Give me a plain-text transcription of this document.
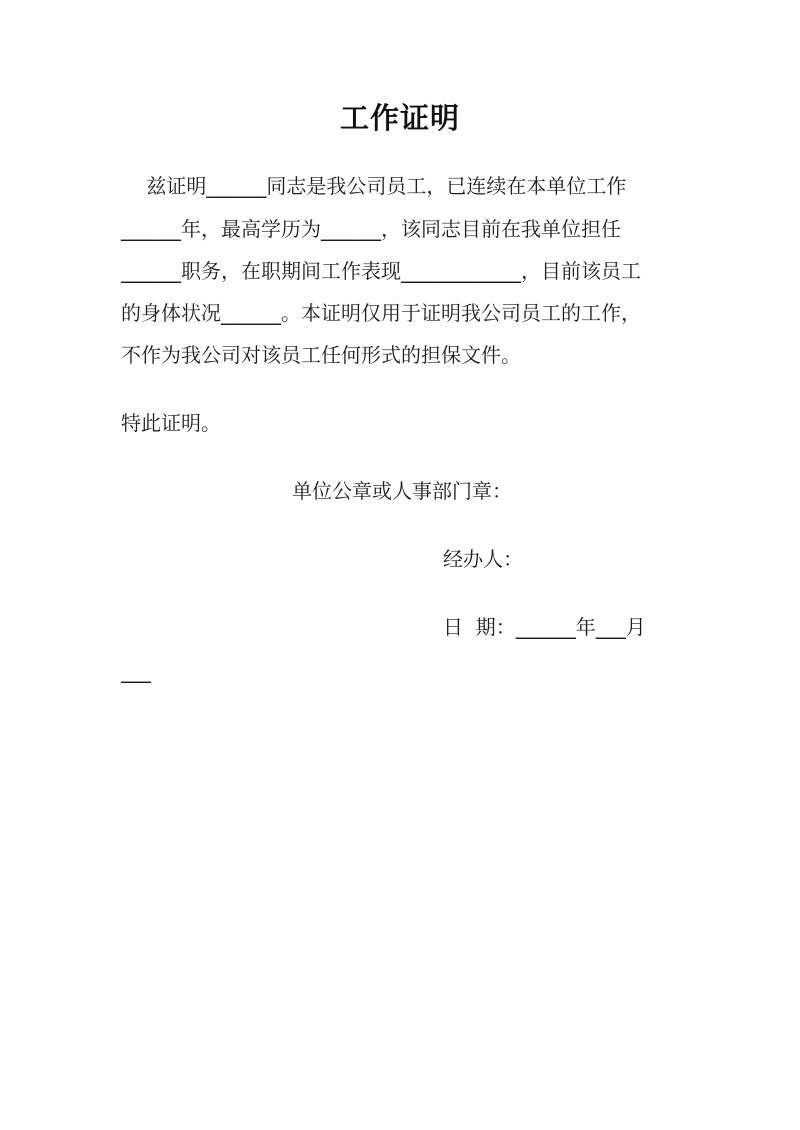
工作证明
兹证明______同志是我公司员工，已连续在本单位工作
______年，最高学历为______，该同志目前在我单位担任
______职务，在职期间工作表现____________，目前该员工
的身体状况______。本证明仅用于证明我公司员工的工作，
不作为我公司对该员工任何形式的担保文件。
特此证明。
单位公章或人事部门章：
经办人：
日  期：______年___月
___
